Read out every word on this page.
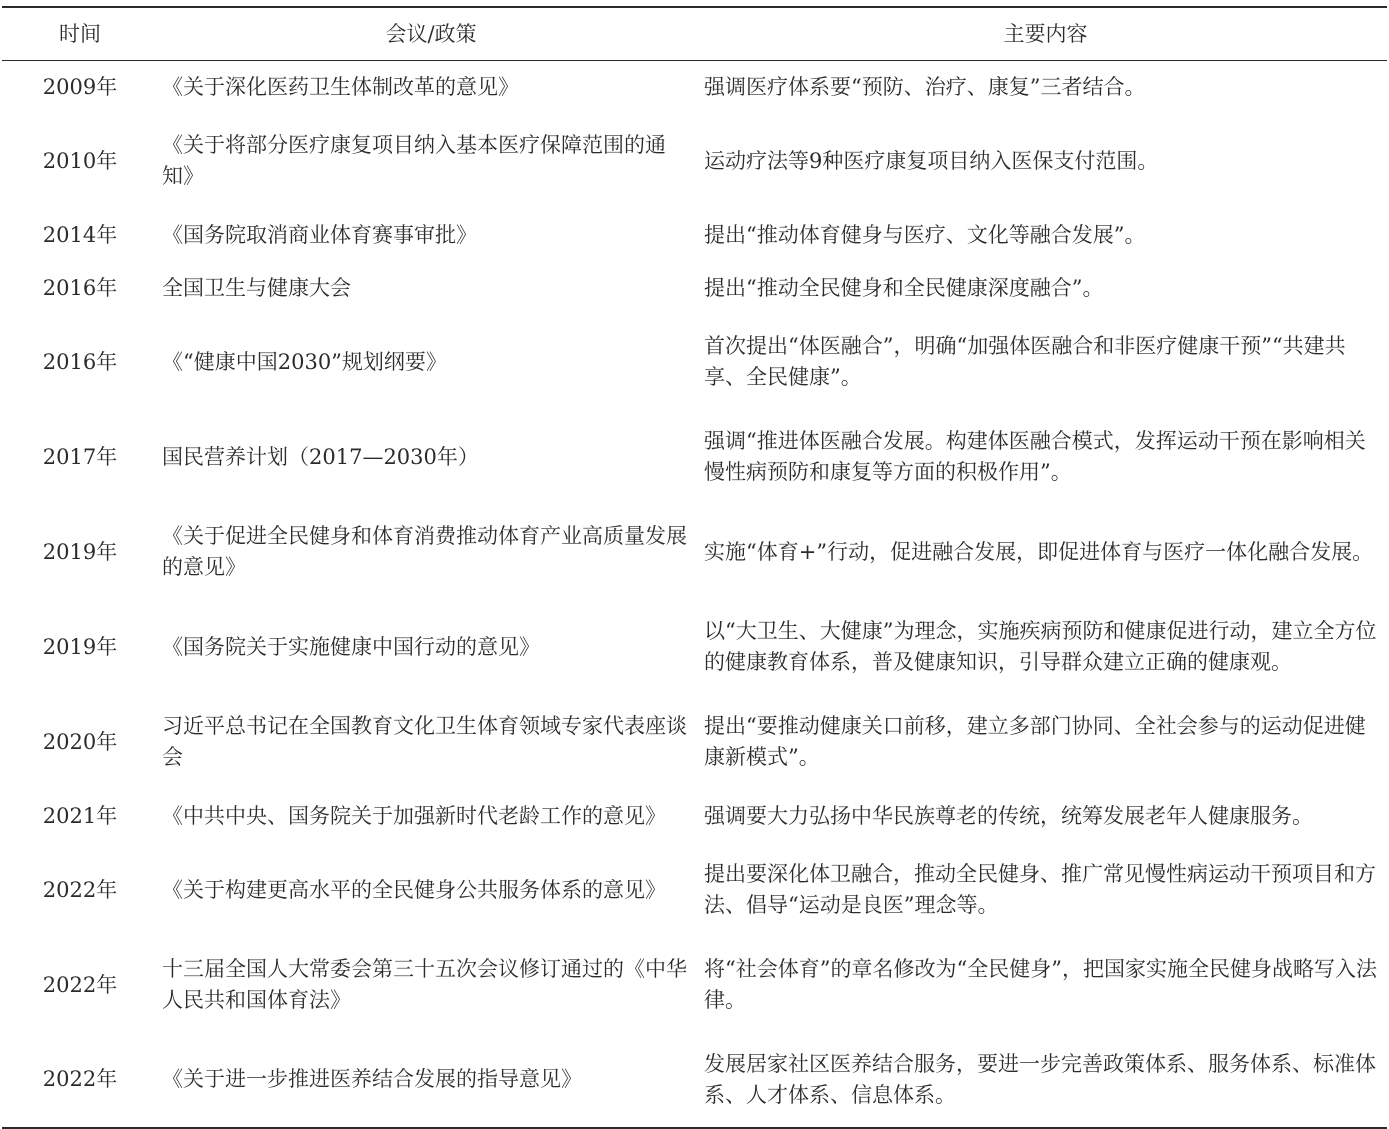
时间	会议/政策	主要内容
2009年	《关于深化医药卫生体制改革的意见》	强调医疗体系要“预防、治疗、康复”三者结合。
2010年	《关于将部分医疗康复项目纳入基本医疗保障范围的通知》	运动疗法等9种医疗康复项目纳入医保支付范围。
2014年	《国务院取消商业体育赛事审批》	提出“推动体育健身与医疗、文化等融合发展”。
2016年	全国卫生与健康大会	提出“推动全民健身和全民健康深度融合”。
2016年	《“健康中国2030”规划纲要》	首次提出“体医融合”，明确“加强体医融合和非医疗健康干预”“共建共享、全民健康”。
2017年	国民营养计划（2017—2030年）	强调“推进体医融合发展。构建体医融合模式，发挥运动干预在影响相关慢性病预防和康复等方面的积极作用”。
2019年	《关于促进全民健身和体育消费推动体育产业高质量发展的意见》	实施“体育+”行动，促进融合发展，即促进体育与医疗一体化融合发展。
2019年	《国务院关于实施健康中国行动的意见》	以“大卫生、大健康”为理念，实施疾病预防和健康促进行动，建立全方位的健康教育体系，普及健康知识，引导群众建立正确的健康观。
2020年	习近平总书记在全国教育文化卫生体育领域专家代表座谈会	提出“要推动健康关口前移，建立多部门协同、全社会参与的运动促进健康新模式”。
2021年	《中共中央、国务院关于加强新时代老龄工作的意见》	强调要大力弘扬中华民族尊老的传统，统筹发展老年人健康服务。
2022年	《关于构建更高水平的全民健身公共服务体系的意见》	提出要深化体卫融合，推动全民健身、推广常见慢性病运动干预项目和方法、倡导“运动是良医”理念等。
2022年	十三届全国人大常委会第三十五次会议修订通过的《中华人民共和国体育法》	将“社会体育”的章名修改为“全民健身”，把国家实施全民健身战略写入法律。
2022年	《关于进一步推进医养结合发展的指导意见》	发展居家社区医养结合服务，要进一步完善政策体系、服务体系、标准体系、人才体系、信息体系。
